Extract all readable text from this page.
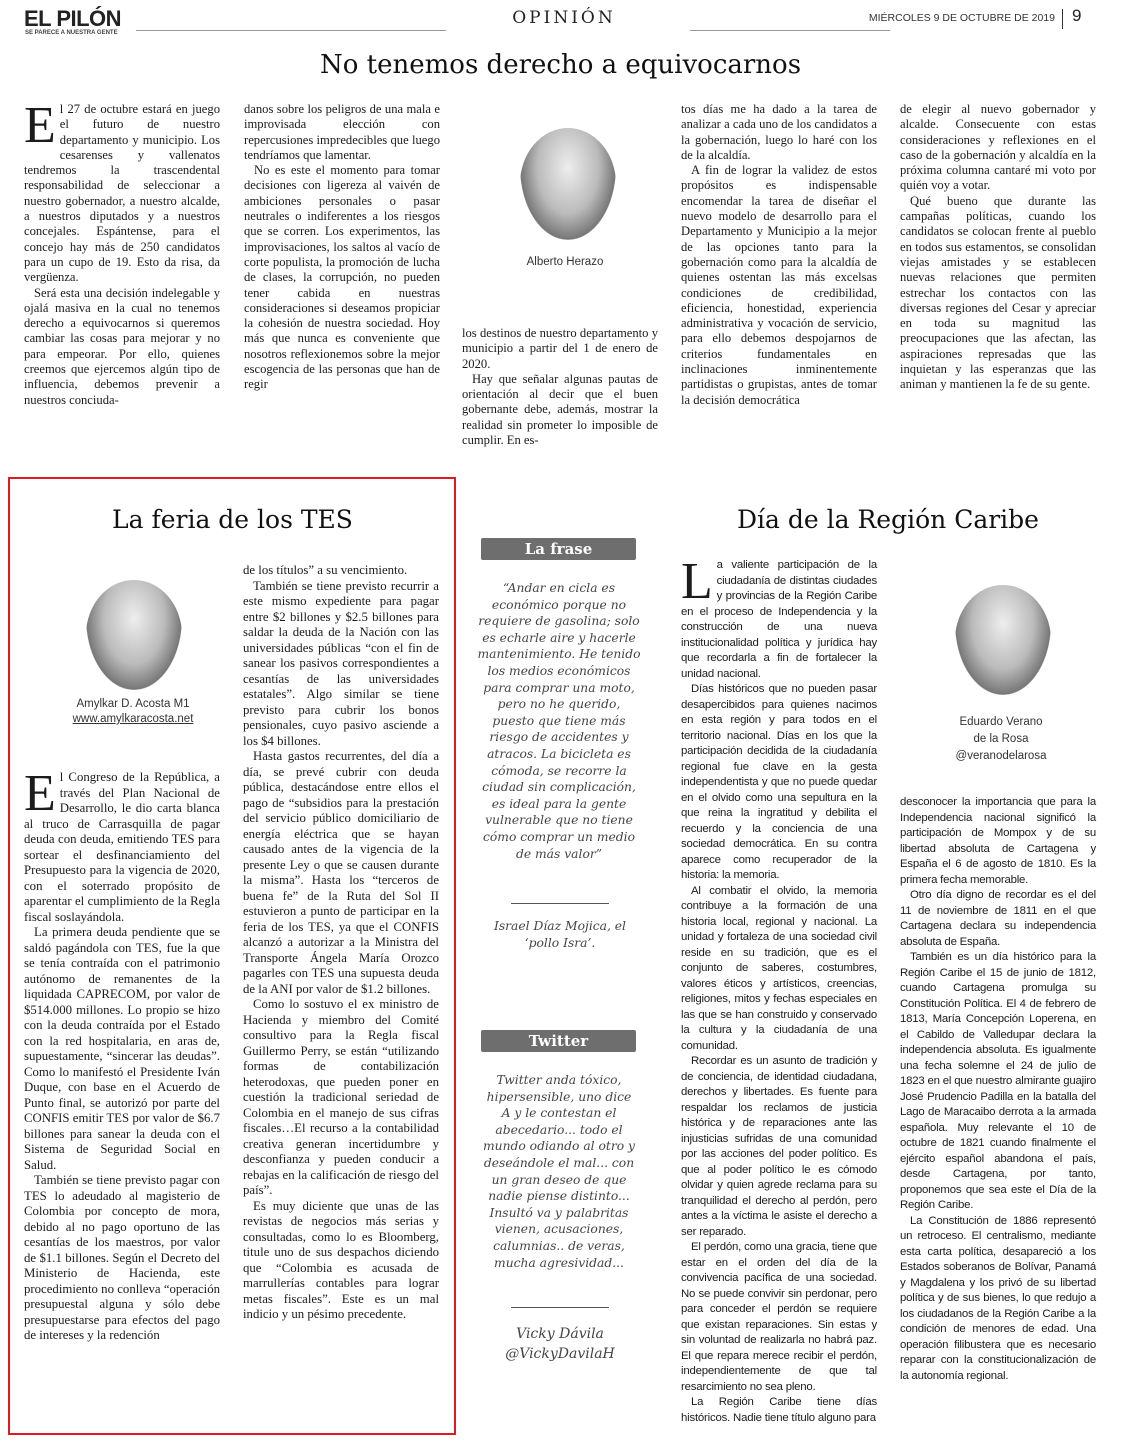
EL PILÓN
SE PARECE A NUESTRA GENTE
OPINIÓN	MIÉRCOLES 9 DE OCTUBRE DE 2019 9
No tenemos derecho a equivocarnos
E l 27 de octubre estará en juego el futuro de nuestro departamento y municipio. Los cesarenses y vallenatos tendremos la trascendental responsabilidad de seleccionar a nuestro gobernador, a nuestro alcalde, a nuestros diputados y a nuestros concejales. Espántense, para el concejo hay más de 250 candidatos para un cupo de 19. Esto da risa, da vergüenza.

Será esta una decisión indelegable y ojalá masiva en la cual no tenemos derecho a equivocarnos si queremos cambiar las cosas para mejorar y no para empeorar. Por ello, quienes creemos que ejercemos algún tipo de influencia, debemos prevenir a nuestros conciuda-

danos sobre los peligros de una mala e improvisada elección con repercusiones impredecibles que luego tendríamos que lamentar.

No es este el momento para tomar decisiones con ligereza al vaivén de ambiciones personales o pasar neutrales o indiferentes a los riesgos que se corren. Los experimentos, las improvisaciones, los saltos al vacío de corte populista, la promoción de lucha de clases, la corrupción, no pueden tener cabida en nuestras consideraciones si deseamos propiciar la cohesión de nuestra sociedad. Hoy más que nunca es conveniente que nosotros reflexionemos sobre la mejor escogencia de las personas que han de regir

Alberto Herazo

los destinos de nuestro departamento y municipio a partir del 1 de enero de 2020.

Hay que señalar algunas pautas de orientación al decir que el buen gobernante debe, además, mostrar la realidad sin prometer lo imposible de cumplir. En es-

tos días me ha dado a la tarea de analizar a cada uno de los candidatos a la gobernación, luego lo haré con los de la alcaldía.

A fin de lograr la validez de estos propósitos es indispensable encomendar la tarea de diseñar el nuevo modelo de desarrollo para el Departamento y Municipio a la mejor de las opciones tanto para la gobernación como para la alcaldía de quienes ostentan las más excelsas condiciones de credibilidad, eficiencia, honestidad, experiencia administrativa y vocación de servicio, para ello debemos despojarnos de criterios fundamentales en inclinaciones inminentemente partidistas o grupistas, antes de tomar la decisión democrática

de elegir al nuevo gobernador y alcalde. Consecuente con estas consideraciones y reflexiones en el caso de la gobernación y alcaldía en la próxima columna cantaré mi voto por quién voy a votar.

Qué bueno que durante las campañas políticas, cuando los candidatos se colocan frente al pueblo en todos sus estamentos, se consolidan viejas amistades y se establecen nuevas relaciones que permiten estrechar los contactos con las diversas regiones del Cesar y apreciar en toda su magnitud las preocupaciones que las afectan, las aspiraciones represadas que las inquietan y las esperanzas que las animan y mantienen la fe de su gente.

La feria de los TES
Amylkar D. Acosta M1
www.amylkaracosta.net
E l Congreso de la República, a través del Plan Nacional de Desarrollo, le dio carta blanca al truco de Carrasquilla de pagar deuda con deuda, emitiendo TES para sortear el desfinanciamiento del Presupuesto para la vigencia de 2020, con el soterrado propósito de aparentar el cumplimiento de la Regla fiscal soslayándola.

La primera deuda pendiente que se saldó pagándola con TES, fue la que se tenía contraída con el patrimonio autónomo de remanentes de la liquidada CAPRECOM, por valor de $514.000 millones. Lo propio se hizo con la deuda contraída por el Estado con la red hospitalaria, en aras de, supuestamente, “sincerar las deudas”. Como lo manifestó el Presidente Iván Duque, con base en el Acuerdo de Punto final, se autorizó por parte del CONFIS emitir TES por valor de $6.7 billones para sanear la deuda con el Sistema de Seguridad Social en Salud.

También se tiene previsto pagar con TES lo adeudado al magisterio de Colombia por concepto de mora, debido al no pago oportuno de las cesantías de los maestros, por valor de $1.1 billones. Según el Decreto del Ministerio de Hacienda, este procedimiento no conlleva “operación presupuestal alguna y sólo debe presupuestarse para efectos del pago de intereses y la redención

de los títulos” a su vencimiento.

También se tiene previsto recurrir a este mismo expediente para pagar entre $2 billones y $2.5 billones para saldar la deuda de la Nación con las universidades públicas “con el fin de sanear los pasivos correspondientes a cesantías de las universidades estatales”. Algo similar se tiene previsto para cubrir los bonos pensionales, cuyo pasivo asciende a los $4 billones.

Hasta gastos recurrentes, del día a día, se prevé cubrir con deuda pública, destacándose entre ellos el pago de “subsidios para la prestación del servicio público domiciliario de energía eléctrica que se hayan causado antes de la vigencia de la presente Ley o que se causen durante la misma”. Hasta los “terceros de buena fe” de la Ruta del Sol II estuvieron a punto de participar en la feria de los TES, ya que el CONFIS alcanzó a autorizar a la Ministra del Transporte Ángela María Orozco pagarles con TES una supuesta deuda de la ANI por valor de $1.2 billones.

Como lo sostuvo el ex ministro de Hacienda y miembro del Comité consultivo para la Regla fiscal Guillermo Perry, se están “utilizando formas de contabilización heterodoxas, que pueden poner en cuestión la tradicional seriedad de Colombia en el manejo de sus cifras fiscales…El recurso a la contabilidad creativa generan incertidumbre y desconfianza y pueden conducir a rebajas en la calificación de riesgo del país”.

Es muy diciente que unas de las revistas de negocios más serias y consultadas, como lo es Bloomberg, titule uno de sus despachos diciendo que “Colombia es acusada de marrullerías contables para lograr metas fiscales”. Este es un mal indicio y un pésimo precedente.

La frase
“Andar en cicla es económico porque no requiere de gasolina; solo es echarle aire y hacerle mantenimiento. He tenido los medios económicos para comprar una moto, pero no he querido, puesto que tiene más riesgo de accidentes y atracos. La bicicleta es cómoda, se recorre la ciudad sin complicación, es ideal para la gente vulnerable que no tiene cómo comprar un medio de más valor”
Israel Díaz Mojica, el ‘pollo Isra’.
Twitter
Twitter anda tóxico, hipersensible, uno dice A y le contestan el abecedario... todo el mundo odiando al otro y deseándole el mal... con un gran deseo de que nadie piense distinto... Insultó va y palabritas vienen, acusaciones, calumnias.. de veras, mucha agresividad...
Vicky Dávila
@VickyDavilaH
Día de la Región Caribe
L a valiente participación de la ciudadanía de distintas ciudades y provincias de la Región Caribe en el proceso de Independencia y la construcción de una nueva institucionalidad política y jurídica hay que recordarla a fin de fortalecer la unidad nacional.

Días históricos que no pueden pasar desapercibidos para quienes nacimos en esta región y para todos en el territorio nacional. Días en los que la participación decidida de la ciudadanía regional fue clave en la gesta independentista y que no puede quedar en el olvido como una sepultura en la que reina la ingratitud y debilita el recuerdo y la conciencia de una sociedad democrática. En su contra aparece como recuperador de la historia: la memoria.

Al combatir el olvido, la memoria contribuye a la formación de una historia local, regional y nacional. La unidad y fortaleza de una sociedad civil reside en su tradición, que es el conjunto de saberes, costumbres, valores éticos y artísticos, creencias, religiones, mitos y fechas especiales en las que se han construido y conservado la cultura y la ciudadanía de una comunidad.

Recordar es un asunto de tradición y de conciencia, de identidad ciudadana, derechos y libertades. Es fuente para respaldar los reclamos de justicia histórica y de reparaciones ante las injusticias sufridas de una comunidad por las acciones del poder político. Es que al poder político le es cómodo olvidar y quien agrede reclama para su tranquilidad el derecho al perdón, pero antes a la víctima le asiste el derecho a ser reparado.

El perdón, como una gracia, tiene que estar en el orden del día de la convivencia pacífica de una sociedad. No se puede convivir sin perdonar, pero para conceder el perdón se requiere que existan reparaciones. Sin estas y sin voluntad de realizarla no habrá paz. El que repara merece recibir el perdón, independientemente de que tal resarcimiento no sea pleno.

La Región Caribe tiene días históricos. Nadie tiene título alguno para

Eduardo Verano
de la Rosa
@veranodelarosa

desconocer la importancia que para la Independencia nacional significó la participación de Mompox y de su libertad absoluta de Cartagena y España el 6 de agosto de 1810. Es la primera fecha memorable.

Otro día digno de recordar es el del 11 de noviembre de 1811 en el que Cartagena declara su independencia absoluta de España.

También es un día histórico para la Región Caribe el 15 de junio de 1812, cuando Cartagena promulga su Constitución Política. El 4 de febrero de 1813, María Concepción Loperena, en el Cabildo de Valledupar declara la independencia absoluta. Es igualmente una fecha solemne el 24 de julio de 1823 en el que nuestro almirante guajiro José Prudencio Padilla en la batalla del Lago de Maracaibo derrota a la armada española. Muy relevante el 10 de octubre de 1821 cuando finalmente el ejército español abandona el país, desde Cartagena, por tanto, proponemos que sea este el Día de la Región Caribe.

La Constitución de 1886 representó un retroceso. El centralismo, mediante esta carta política, desapareció a los Estados soberanos de Bolívar, Panamá y Magdalena y los privó de su libertad política y de sus bienes, lo que redujo a los ciudadanos de la Región Caribe a la condición de menores de edad. Una operación filibustera que es necesario reparar con la constitucionalización de la autonomía regional.
